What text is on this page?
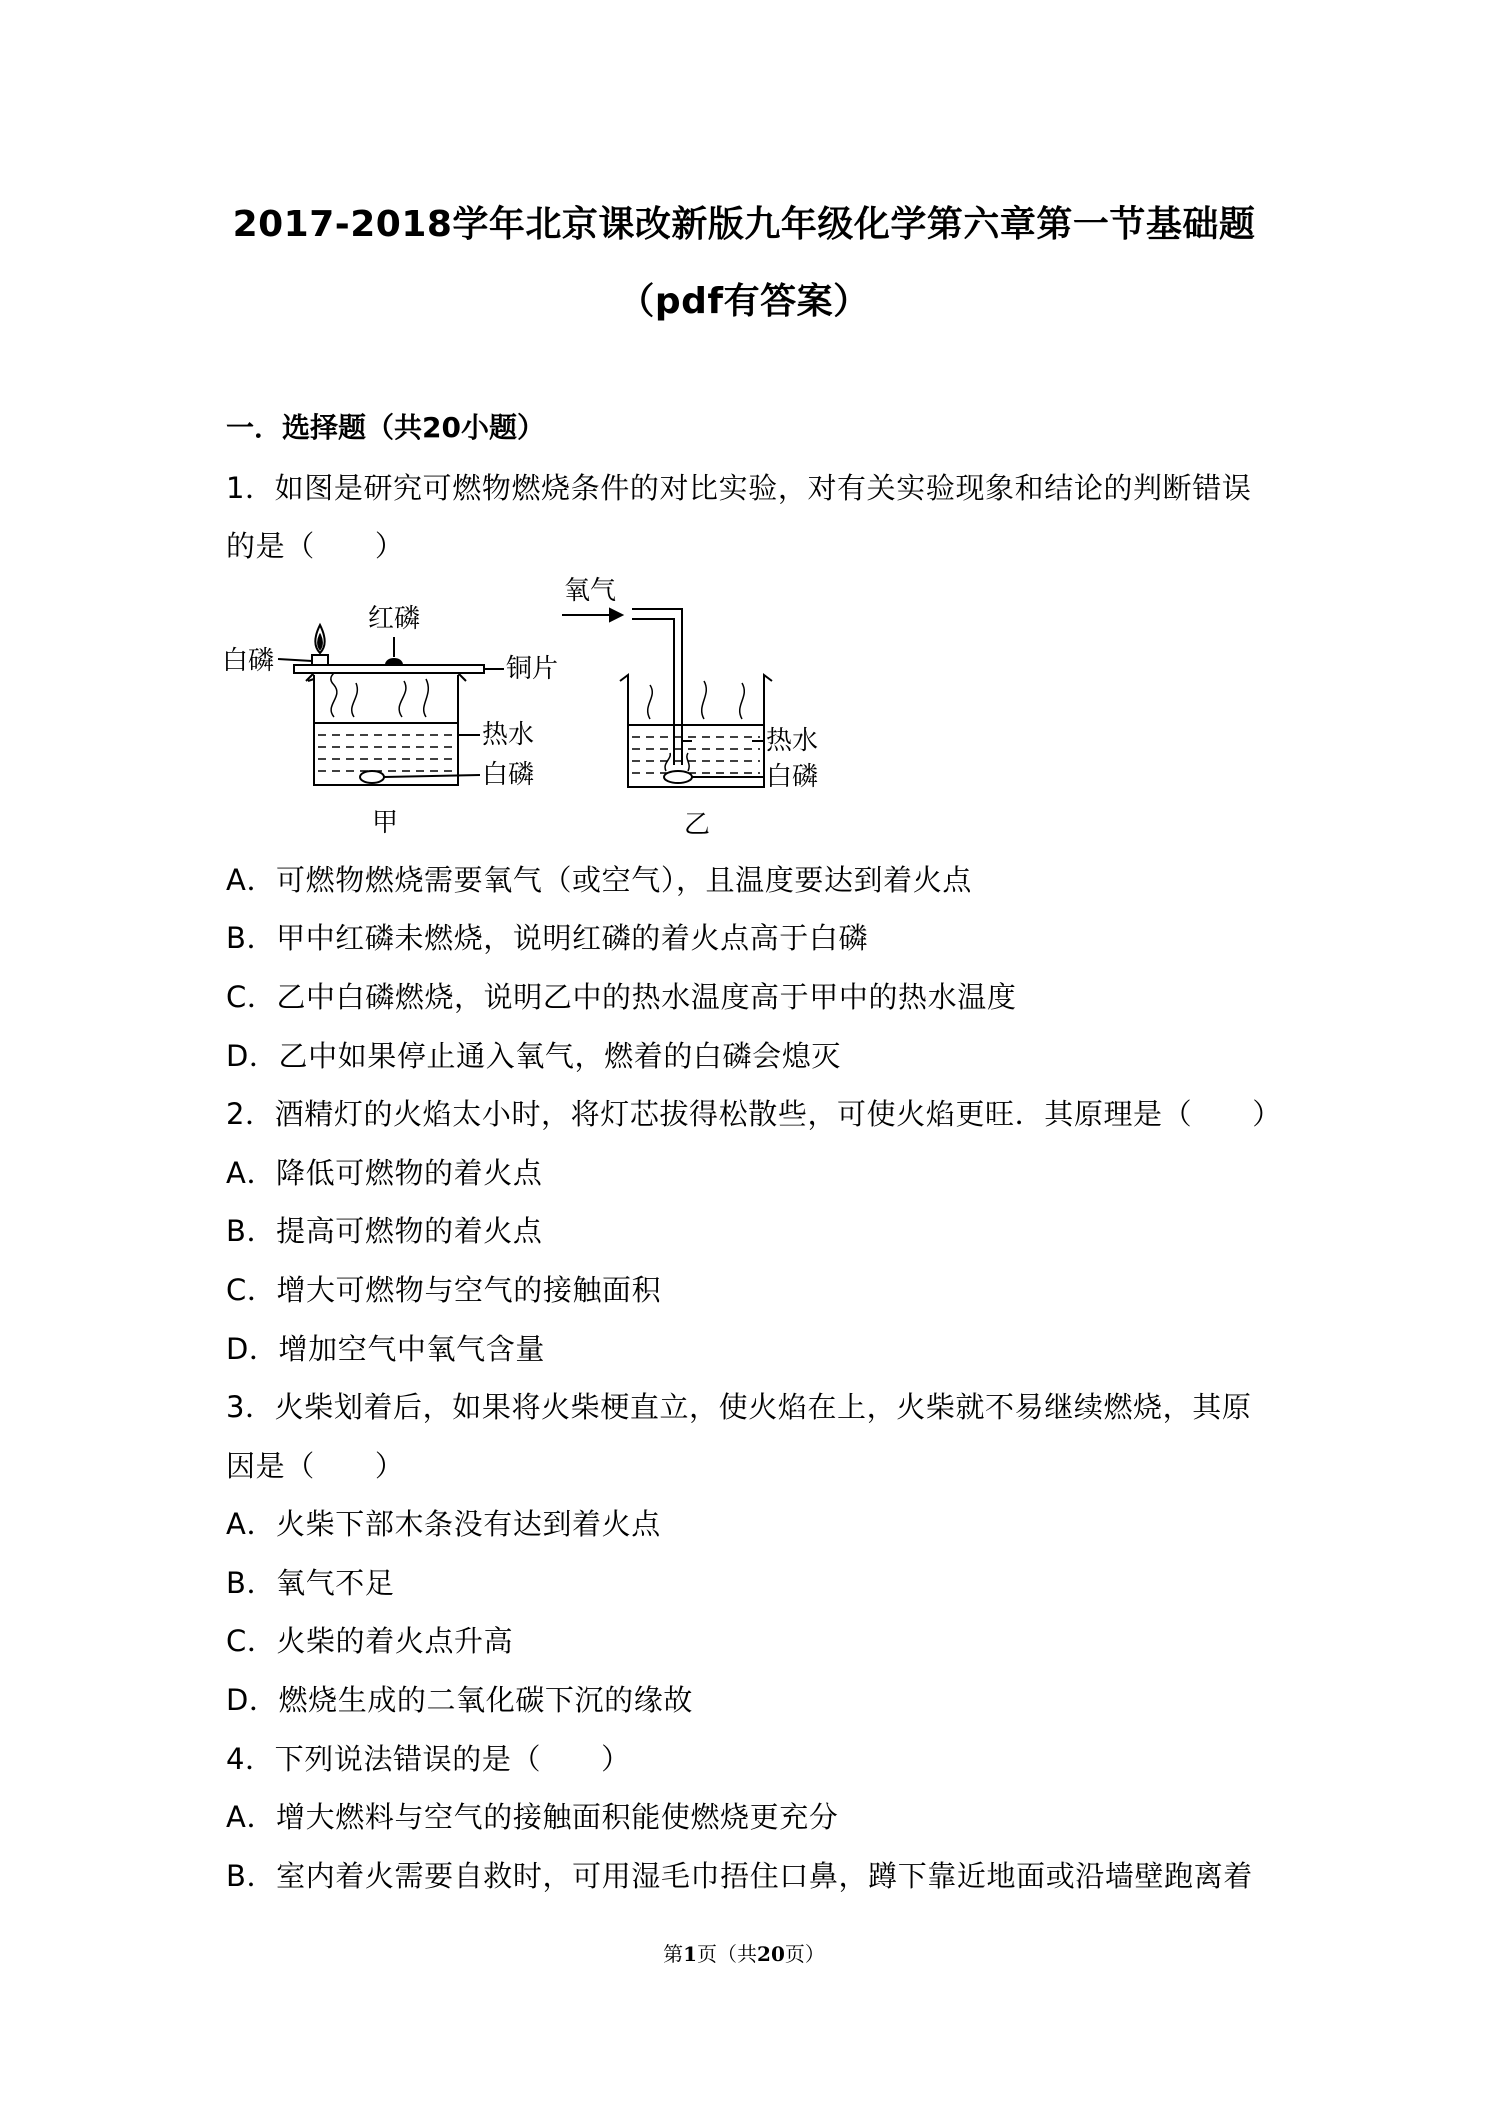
2017-2018学年北京课改新版九年级化学第六章第一节基础题
（pdf有答案）
一．选择题（共20小题）
1．如图是研究可燃物燃烧条件的对比实验，对有关实验现象和结论的判断错误
的是（ ）
红磷
白磷	铜片
热水
白磷
甲
氧气
热水
白磷
乙
A．可燃物燃烧需要氧气（或空气），且温度要达到着火点
B．甲中红磷未燃烧，说明红磷的着火点高于白磷
C．乙中白磷燃烧，说明乙中的热水温度高于甲中的热水温度
D．乙中如果停止通入氧气，燃着的白磷会熄灭
2．酒精灯的火焰太小时，将灯芯拔得松散些，可使火焰更旺．其原理是（ ）
A．降低可燃物的着火点
B．提高可燃物的着火点
C．增大可燃物与空气的接触面积
D．增加空气中氧气含量
3．火柴划着后，如果将火柴梗直立，使火焰在上，火柴就不易继续燃烧，其原
因是（ ）
A．火柴下部木条没有达到着火点
B．氧气不足
C．火柴的着火点升高
D．燃烧生成的二氧化碳下沉的缘故
4．下列说法错误的是（ ）
A．增大燃料与空气的接触面积能使燃烧更充分
B．室内着火需要自救时，可用湿毛巾捂住口鼻，蹲下靠近地面或沿墙壁跑离着
第1页（共20页）
